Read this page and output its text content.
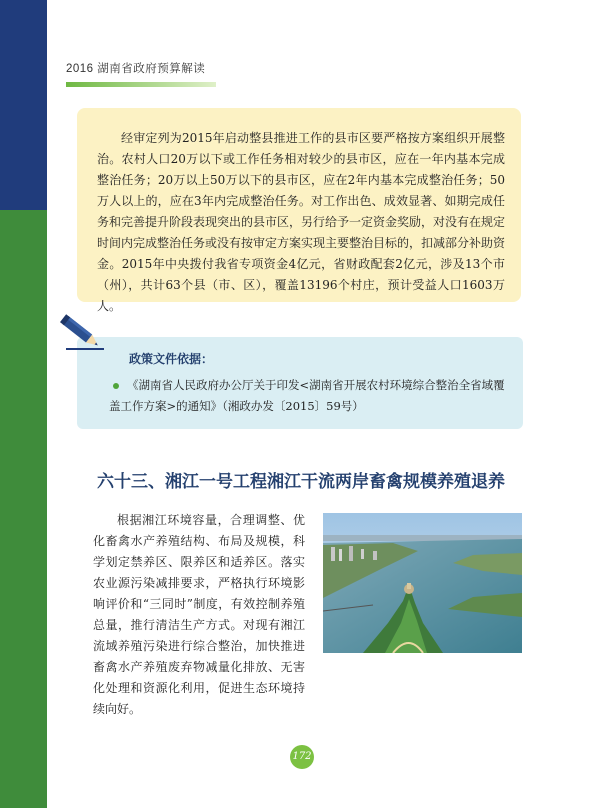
2016 湖南省政府预算解读

经审定列为2015年启动整县推进工作的县市区要严格按方案组织开展整治。农村人口20万以下或工作任务相对较少的县市区，应在一年内基本完成整治任务；20万以上50万以下的县市区，应在2年内基本完成整治任务；50万人以上的，应在3年内完成整治任务。对工作出色、成效显著、如期完成任务和完善提升阶段表现突出的县市区，另行给予一定资金奖励，对没有在规定时间内完成整治任务或没有按审定方案实现主要整治目标的，扣减部分补助资金。2015年中央拨付我省专项资金4亿元，省财政配套2亿元，涉及13个市（州），共计63个县（市、区），覆盖13196个村庄，预计受益人口1603万人。

政策文件依据：
《湖南省人民政府办公厅关于印发<湖南省开展农村环境综合整治全省域覆盖工作方案>的通知》（湘政办发〔2015〕59号）
六十三、湘江一号工程湘江干流两岸畜禽规模养殖退养

根据湘江环境容量，合理调整、优化畜禽水产养殖结构、布局及规模，科学划定禁养区、限养区和适养区。落实农业源污染减排要求，严格执行环境影响评价和“三同时”制度，有效控制养殖总量，推行清洁生产方式。对现有湘江流域养殖污染进行综合整治，加快推进畜禽水产养殖废弃物减量化排放、无害化处理和资源化利用，促进生态环境持续向好。

172
